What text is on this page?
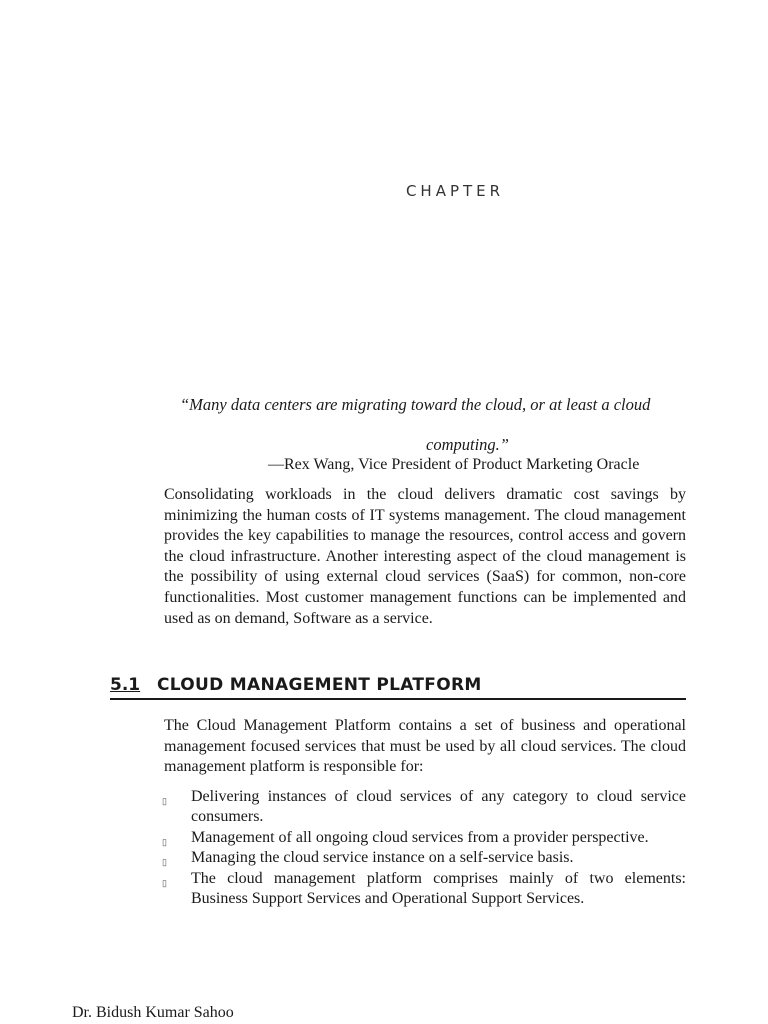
CHAPTER
“Many data centers are migrating toward the cloud, or at least a cloud
computing.”
—Rex Wang, Vice President of Product Marketing Oracle

Consolidating workloads in the cloud delivers dramatic cost savings by minimizing the human costs of IT systems management. The cloud management provides the key capabilities to manage the resources, control access and govern the cloud infrastructure. Another interesting aspect of the cloud management is the possibility of using external cloud services (SaaS) for common, non-core functionalities. Most customer management functions can be implemented and used as on demand, Software as a service.

5.1 CLOUD MANAGEMENT PLATFORM

The Cloud Management Platform contains a set of business and operational management focused services that must be used by all cloud services. The cloud management platform is responsible for:

▯ Delivering instances of cloud services of any category to cloud service consumers.
▯ Management of all ongoing cloud services from a provider perspective.
▯ Managing the cloud service instance on a self-service basis.
▯ The cloud management platform comprises mainly of two elements: Business Support Services and Operational Support Services.
Dr. Bidush Kumar Sahoo
